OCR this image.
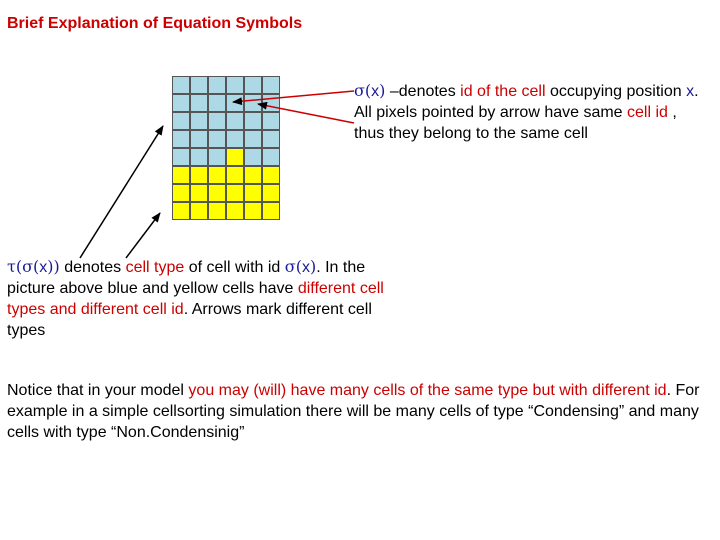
Brief Explanation of Equation Symbols

σ(x) –denotes id of the cell occupying position x. All pixels pointed by arrow have same cell id , thus they belong to the same cell

τ(σ(x)) denotes cell type of cell with id σ(x). In the picture above blue and yellow cells have different cell types and different cell id. Arrows mark different cell types

Notice that in your model you may (will) have many cells of the same type but with different id. For example in a simple cellsorting simulation there will be many cells of type “Condensing” and many cells with type “Non.Condensinig”
